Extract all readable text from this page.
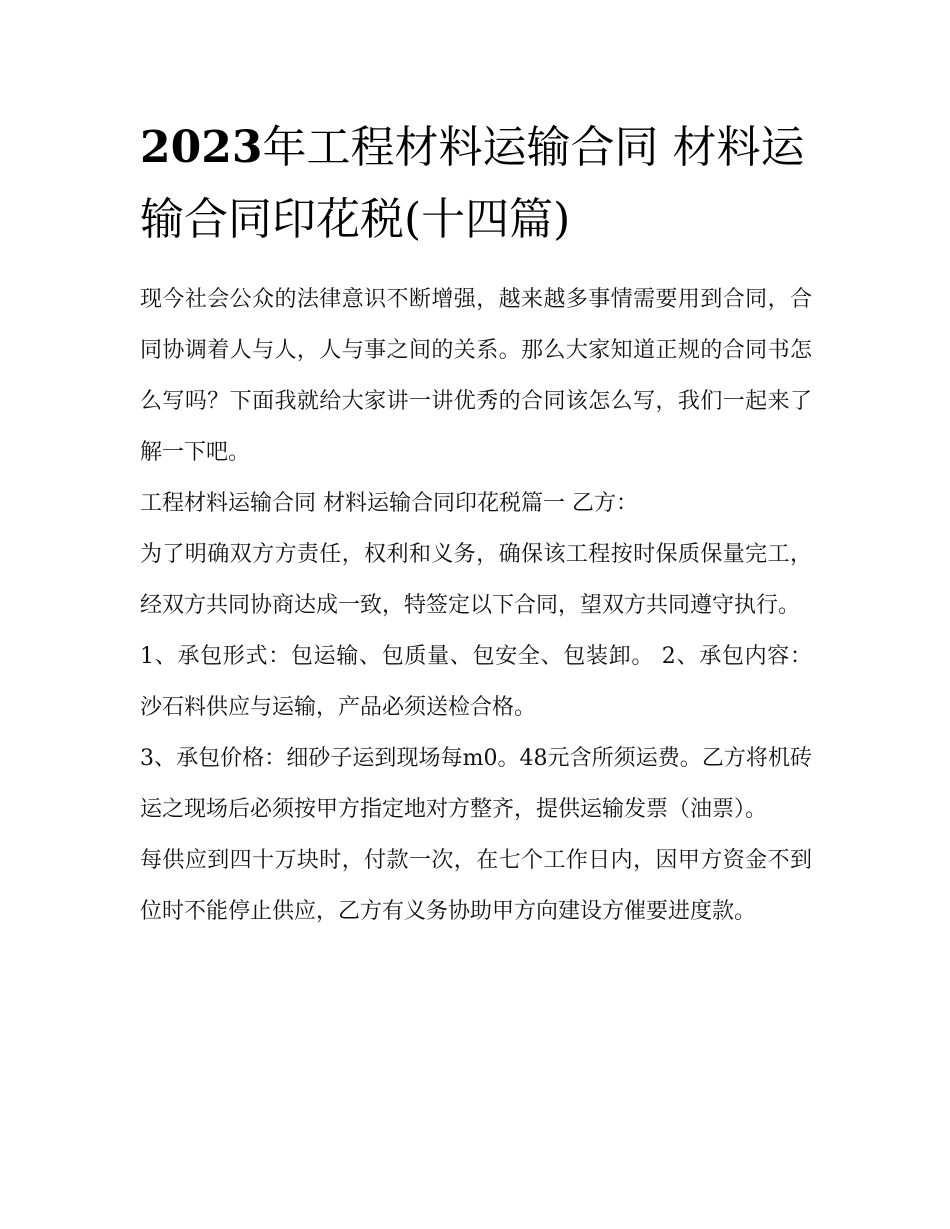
2023年工程材料运输合同 材料运输合同印花税(十四篇)

现今社会公众的法律意识不断增强，越来越多事情需要用到合同，合同协调着人与人，人与事之间的关系。那么大家知道正规的合同书怎么写吗？下面我就给大家讲一讲优秀的合同该怎么写，我们一起来了解一下吧。

工程材料运输合同 材料运输合同印花税篇一 乙方：

为了明确双方方责任，权利和义务，确保该工程按时保质保量完工，经双方共同协商达成一致，特签定以下合同，望双方共同遵守执行。

1、承包形式：包运输、包质量、包安全、包装卸。 2、承包内容：沙石料供应与运输，产品必须送检合格。

3、承包价格：细砂子运到现场每m0。48元含所须运费。乙方将机砖运之现场后必须按甲方指定地对方整齐，提供运输发票（油票）。

每供应到四十万块时，付款一次，在七个工作日内，因甲方资金不到位时不能停止供应，乙方有义务协助甲方向建设方催要进度款。
